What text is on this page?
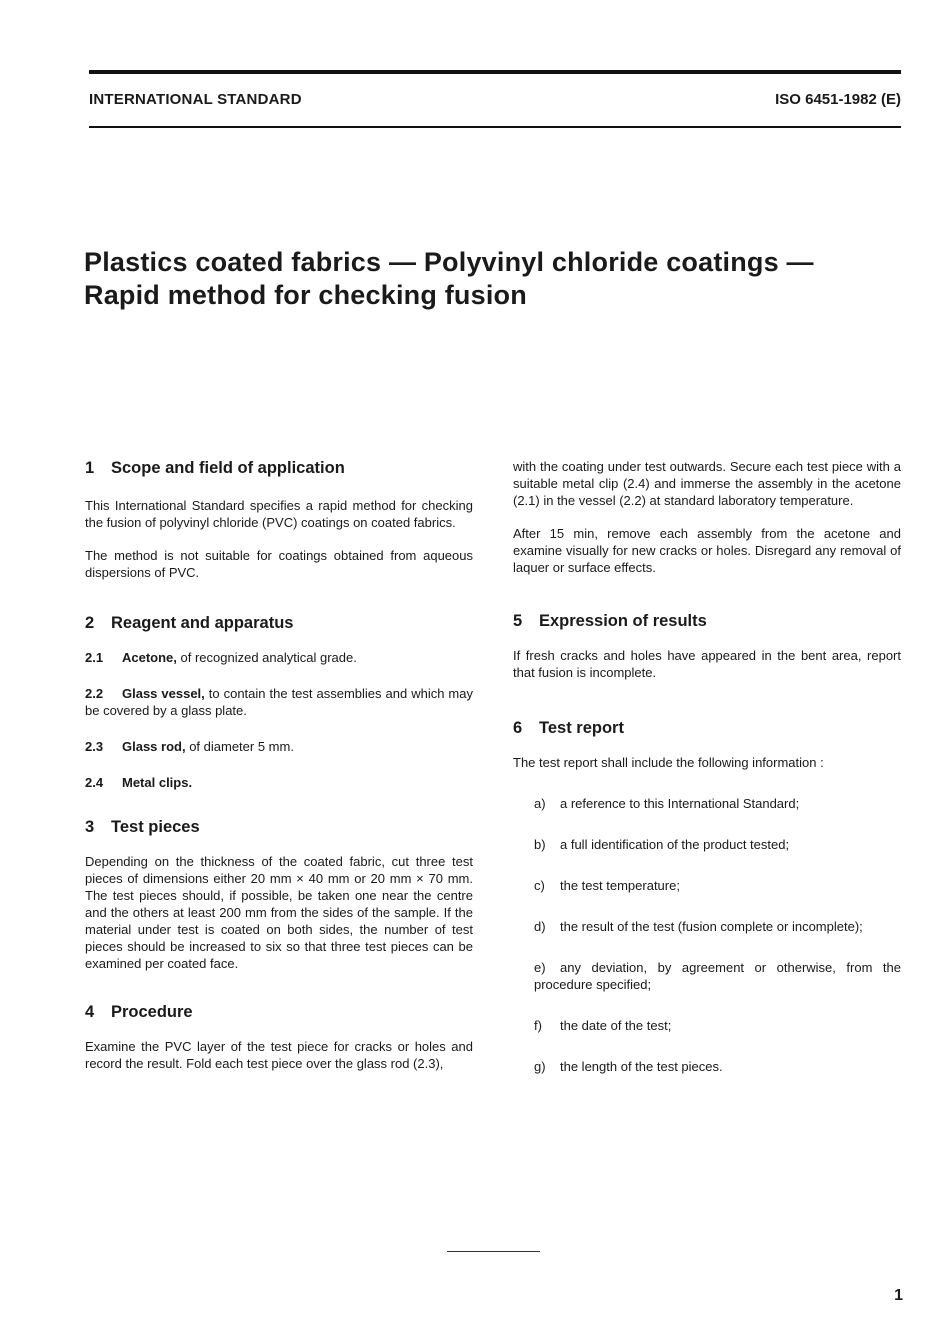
INTERNATIONAL STANDARD	ISO 6451-1982 (E)
Plastics coated fabrics — Polyvinyl chloride coatings —
Rapid method for checking fusion
1 Scope and field of application

This International Standard specifies a rapid method for checking the fusion of polyvinyl chloride (PVC) coatings on coated fabrics.

The method is not suitable for coatings obtained from aqueous dispersions of PVC.

2 Reagent and apparatus

2.1 Acetone, of recognized analytical grade.

2.2 Glass vessel, to contain the test assemblies and which may be covered by a glass plate.

2.3 Glass rod, of diameter 5 mm.

2.4 Metal clips.

3 Test pieces

Depending on the thickness of the coated fabric, cut three test pieces of dimensions either 20 mm × 40 mm or 20 mm × 70 mm. The test pieces should, if possible, be taken one near the centre and the others at least 200 mm from the sides of the sample. If the material under test is coated on both sides, the number of test pieces should be increased to six so that three test pieces can be examined per coated face.

4 Procedure

Examine the PVC layer of the test piece for cracks or holes and record the result. Fold each test piece over the glass rod (2.3),

with the coating under test outwards. Secure each test piece with a suitable metal clip (2.4) and immerse the assembly in the acetone (2.1) in the vessel (2.2) at standard laboratory temperature.

After 15 min, remove each assembly from the acetone and examine visually for new cracks or holes. Disregard any removal of laquer or surface effects.

5 Expression of results

If fresh cracks and holes have appeared in the bent area, report that fusion is incomplete.

6 Test report

The test report shall include the following information :

a) a reference to this International Standard;
b) a full identification of the product tested;
c) the test temperature;
d) the result of the test (fusion complete or incomplete);
e) any deviation, by agreement or otherwise, from the procedure specified;
f) the date of the test;
g) the length of the test pieces.
1
